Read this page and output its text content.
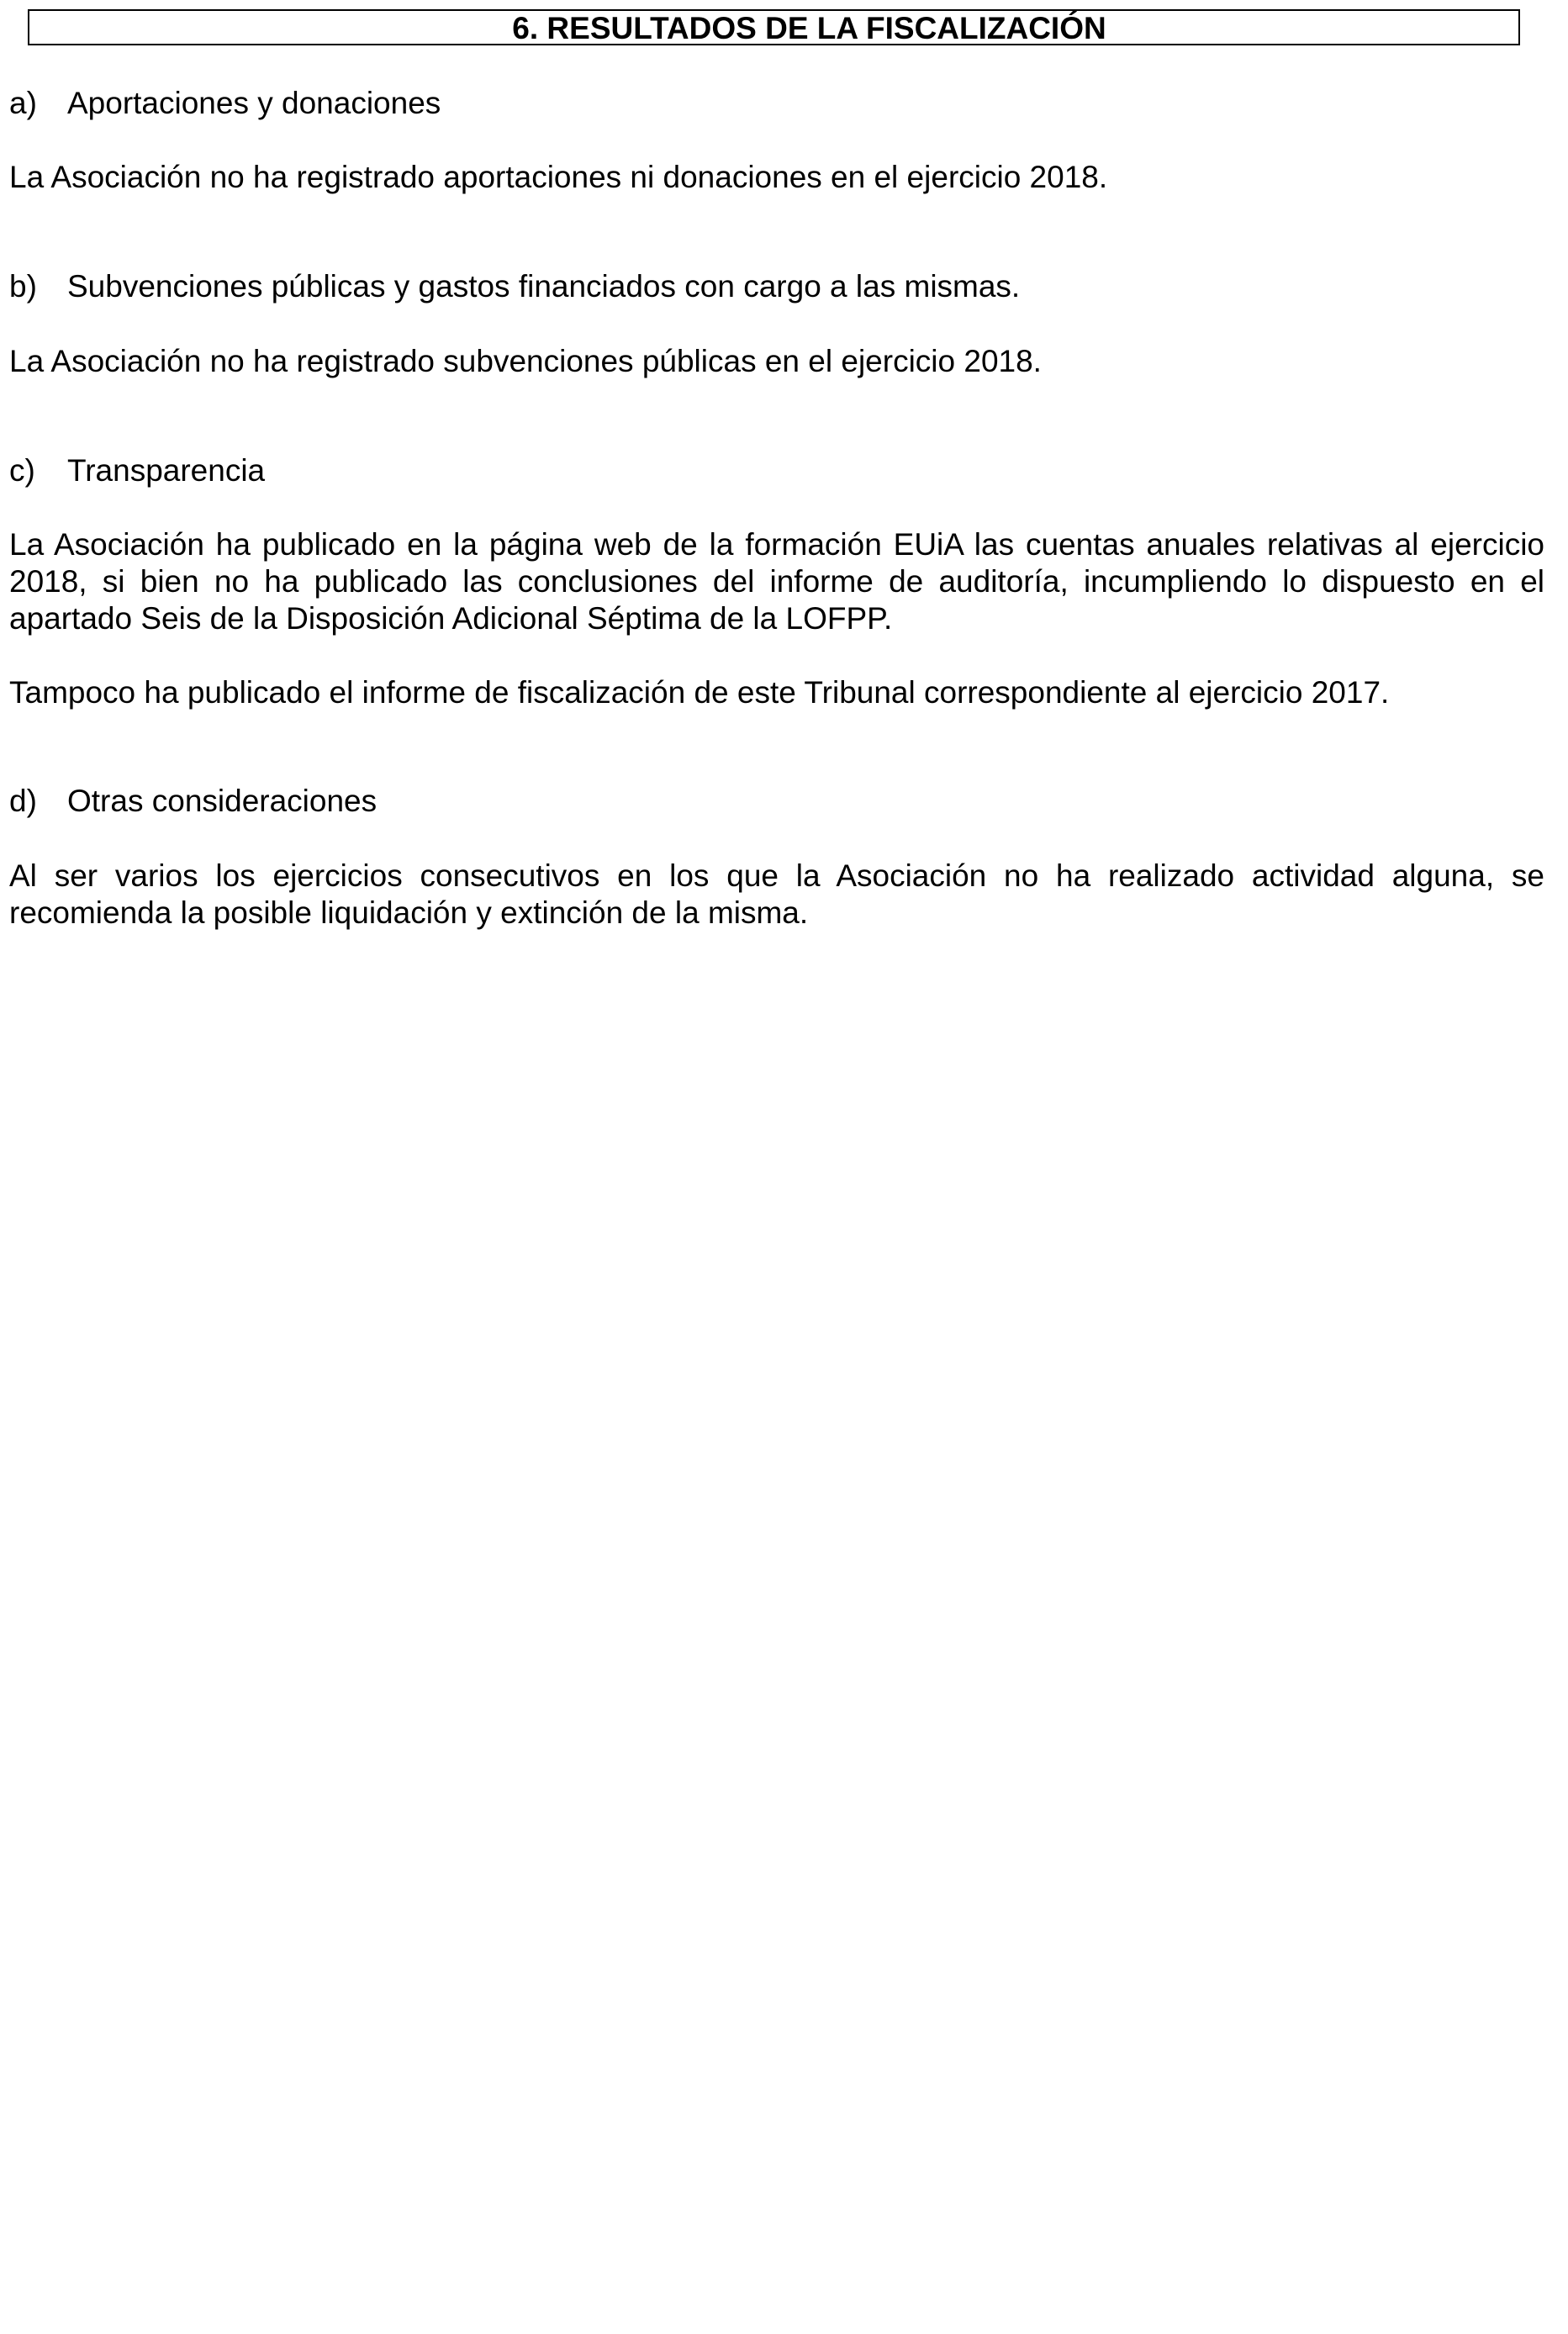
6. RESULTADOS DE LA FISCALIZACIÓN
a) Aportaciones y donaciones
La Asociación no ha registrado aportaciones ni donaciones en el ejercicio 2018.
b) Subvenciones públicas y gastos financiados con cargo a las mismas.
La Asociación no ha registrado subvenciones públicas en el ejercicio 2018.
c) Transparencia
La Asociación ha publicado en la página web de la formación EUiA las cuentas anuales relativas al ejercicio 2018, si bien no ha publicado las conclusiones del informe de auditoría, incumpliendo lo dispuesto en el apartado Seis de la Disposición Adicional Séptima de la LOFPP.
Tampoco ha publicado el informe de fiscalización de este Tribunal correspondiente al ejercicio 2017.
d) Otras consideraciones
Al ser varios los ejercicios consecutivos en los que la Asociación no ha realizado actividad alguna, se recomienda la posible liquidación y extinción de la misma.
